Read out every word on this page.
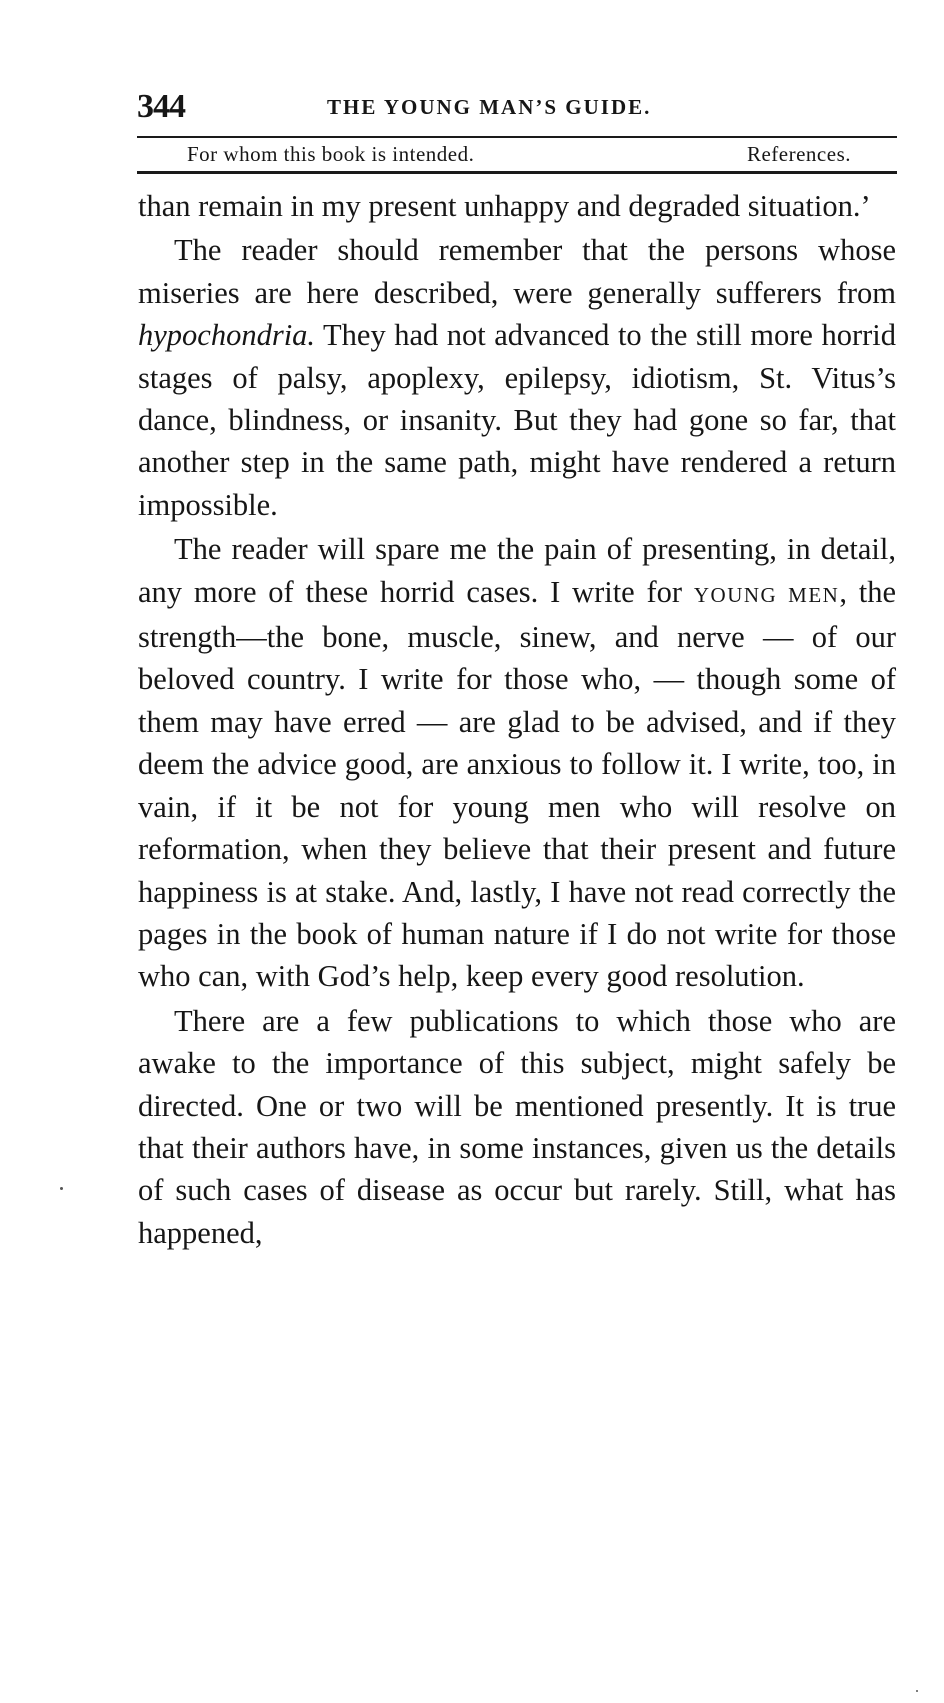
344	THE YOUNG MAN’S GUIDE.
For whom this book is intended.	References.

than remain in my present unhappy and degraded situation.’

The reader should remember that the persons whose miseries are here described, were generally sufferers from hypochondria. They had not advanced to the still more horrid stages of palsy, apoplexy, epilepsy, idiotism, St. Vitus’s dance, blindness, or insanity. But they had gone so far, that another step in the same path, might have rendered a return impossible.

The reader will spare me the pain of presenting, in detail, any more of these horrid cases. I write for YOUNG MEN, the strength—the bone, muscle, sinew, and nerve — of our beloved country. I write for those who, — though some of them may have erred — are glad to be advised, and if they deem the advice good, are anxious to follow it. I write, too, in vain, if it be not for young men who will resolve on reformation, when they believe that their present and future happiness is at stake. And, lastly, I have not read correctly the pages in the book of human nature if I do not write for those who can, with God’s help, keep every good resolution.

There are a few publications to which those who are awake to the importance of this subject, might safely be directed. One or two will be mentioned presently. It is true that their authors have, in some instances, given us the details of such cases of disease as occur but rarely. Still, what has happened,
